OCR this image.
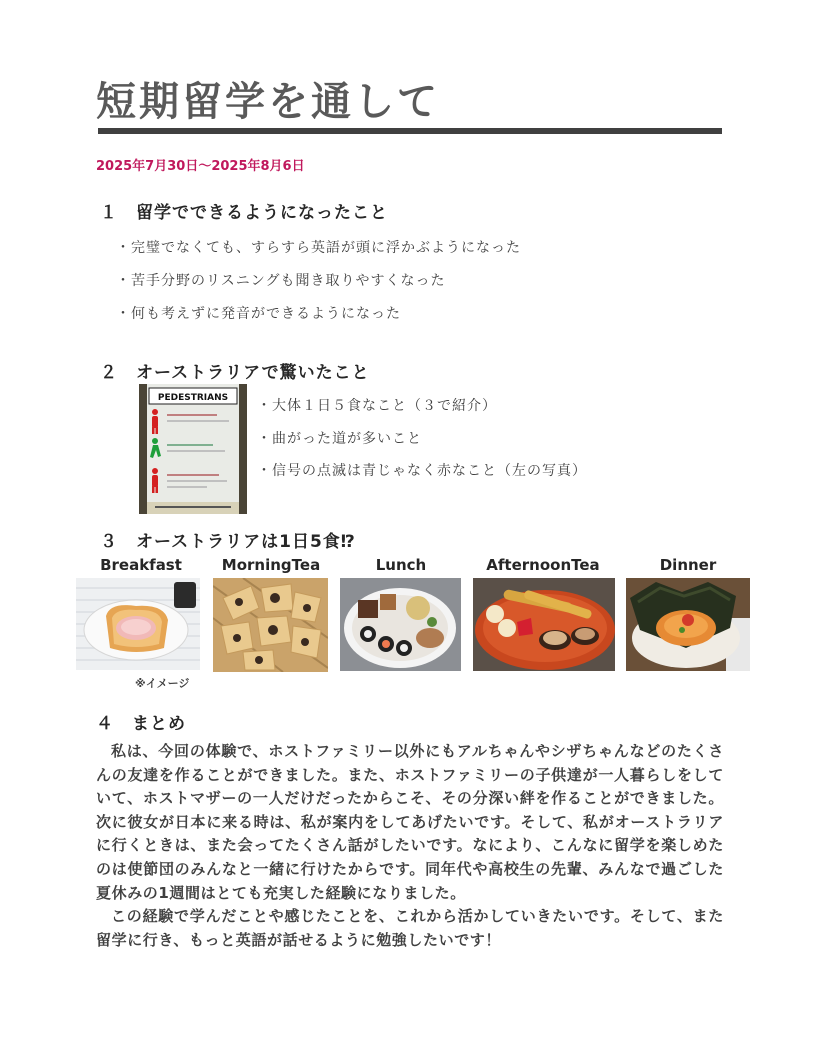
短期留学を通して
2025年7月30日～2025年8月6日
１　留学でできるようになったこと
・完璧でなくても、すらすら英語が頭に浮かぶようになった
・苦手分野のリスニングも聞き取りやすくなった
・何も考えずに発音ができるようになった
２　オーストラリアで驚いたこと
PEDESTRIANS ・大体１日５食なこと（３で紹介）
・曲がった道が多いこと
・信号の点滅は青じゃなく赤なこと（左の写真）
３　オーストラリアは1日5食⁉
Breakfast	MorningTea	Lunch	AfternoonTea	Dinner
※イメージ
４　まとめ

私は、今回の体験で、ホストファミリー以外にもアルちゃんやシザちゃんなどのたくさんの友達を作ることができました。また、ホストファミリーの子供達が一人暮らしをしていて、ホストマザーの一人だけだったからこそ、その分深い絆を作ることができました。次に彼女が日本に来る時は、私が案内をしてあげたいです。そして、私がオーストラリアに行くときは、また会ってたくさん話がしたいです。なにより、こんなに留学を楽しめたのは使節団のみんなと一緒に行けたからです。同年代や高校生の先輩、みんなで過ごした夏休みの1週間はとても充実した経験になりました。

この経験で学んだことや感じたことを、これから活かしていきたいです。そして、また留学に行き、もっと英語が話せるように勉強したいです！
